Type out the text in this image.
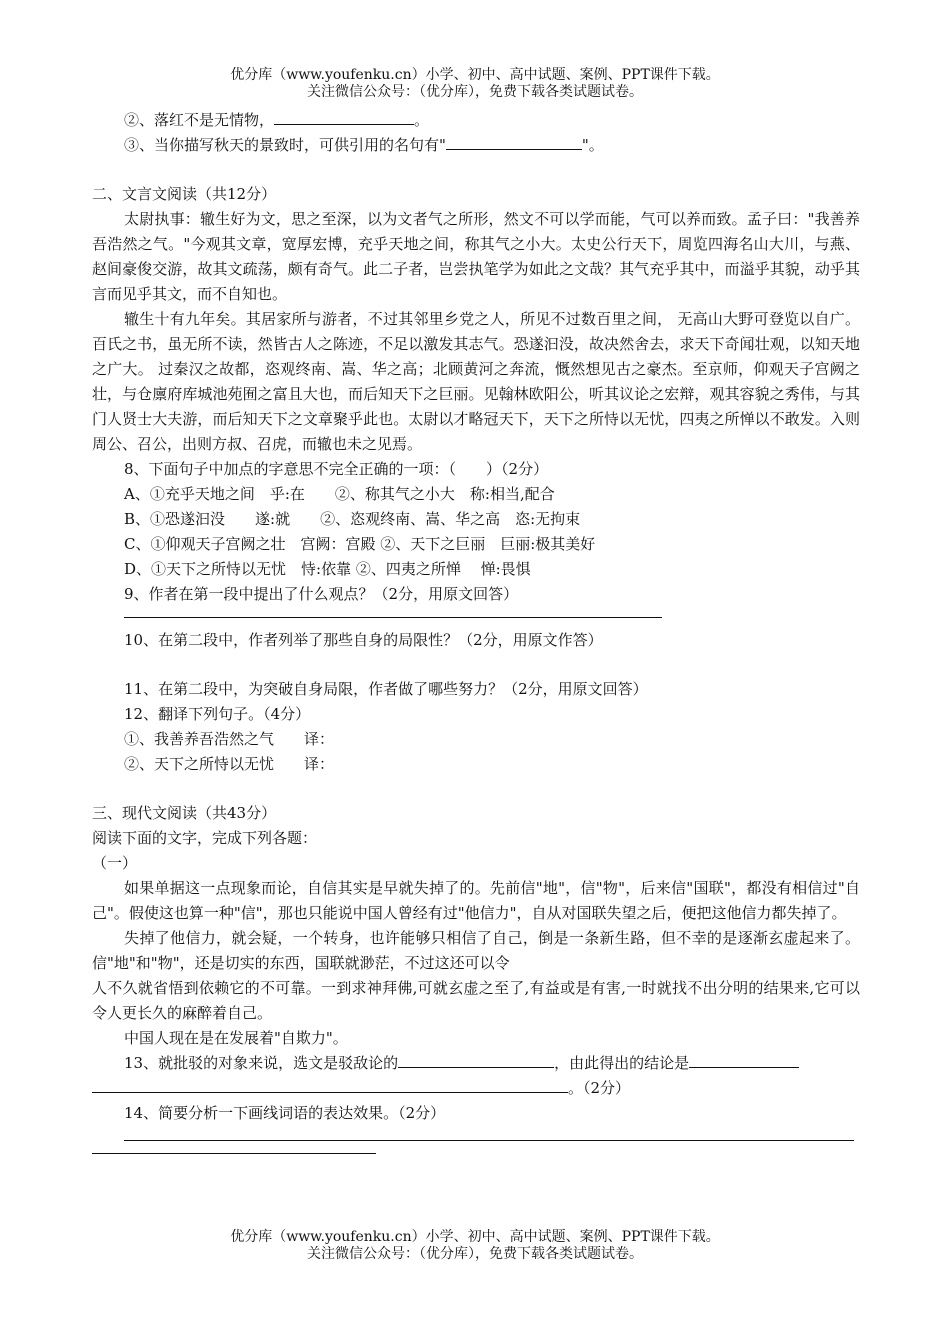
优分库（www.youfenku.cn）小学、初中、高中试题、案例、PPT课件下载。
关注微信公众号：（优分库），免费下载各类试题试卷。
②、落红不是无情物，	。
③、当你描写秋天的景致时，可供引用的名句有"	"。
二、文言文阅读（共12分）
太尉执事：辙生好为文，思之至深，以为文者气之所形，然文不可以学而能，气可以养而致。孟子曰："我善养吾浩然之气。"今观其文章，宽厚宏博，充乎天地之间，称其气之小大。太史公行天下，周览四海名山大川，与燕、赵间豪俊交游，故其文疏荡，颇有奇气。此二子者，岂尝执笔学为如此之文哉？其气充乎其中，而溢乎其貌，动乎其言而见乎其文，而不自知也。
辙生十有九年矣。其居家所与游者，不过其邻里乡党之人，所见不过数百里之间， 无高山大野可登览以自广。百氏之书，虽无所不读，然皆古人之陈迹，不足以激发其志气。恐遂汩没，故决然舍去，求天下奇闻壮观，以知天地之广大。 过秦汉之故都，恣观终南、嵩、华之高；北顾黄河之奔流，慨然想见古之豪杰。至京师，仰观天子宫阙之壮，与仓廪府库城池苑囿之富且大也，而后知天下之巨丽。见翰林欧阳公，听其议论之宏辩，观其容貌之秀伟，与其门人贤士大夫游，而后知天下之文章聚乎此也。太尉以才略冠天下，天下之所恃以无忧，四夷之所惮以不敢发。入则周公、召公，出则方叔、召虎，而辙也未之见焉。
8、下面句子中加点的字意思不完全正确的一项：（　　）（2分）
A、①充乎天地之间　乎:在　　②、称其气之小大　称:相当,配合
B、①恐遂汩没　　遂:就　　②、恣观终南、嵩、华之高　恣:无拘束
C、①仰观天子宫阙之壮　宫阙：宫殿 ②、天下之巨丽　巨丽:极其美好
D、①天下之所恃以无忧　恃:依靠 ②、四夷之所惮　 惮:畏惧
9、作者在第一段中提出了什么观点？（2分，用原文回答）
10、在第二段中，作者列举了那些自身的局限性？（2分，用原文作答）
11、在第二段中，为突破自身局限，作者做了哪些努力？（2分，用原文回答）
12、翻译下列句子。（4分）
①、我善养吾浩然之气　　译：
②、天下之所恃以无忧　　译：
三、现代文阅读（共43分）
阅读下面的文字，完成下列各题：
（一）
如果单据这一点现象而论，自信其实是早就失掉了的。先前信"地"，信"物"，后来信"国联"，都没有相信过"自己"。假使这也算一种"信"，那也只能说中国人曾经有过"他信力"，自从对国联失望之后，便把这他信力都失掉了。
失掉了他信力，就会疑，一个转身，也许能够只相信了自己，倒是一条新生路，但不幸的是逐渐玄虚起来了。信"地"和"物"，还是切实的东西，国联就渺茫，不过这还可以令
人不久就省悟到依赖它的不可靠。一到求神拜佛,可就玄虚之至了,有益或是有害,一时就找不出分明的结果来,它可以令人更长久的麻醉着自己。
中国人现在是在发展着"自欺力"。
13、就批驳的对象来说，选文是驳敌论的	，由此得出的结论是
。（2分）
14、简要分析一下画线词语的表达效果。（2分）
优分库（www.youfenku.cn）小学、初中、高中试题、案例、PPT课件下载。
关注微信公众号：（优分库），免费下载各类试题试卷。
